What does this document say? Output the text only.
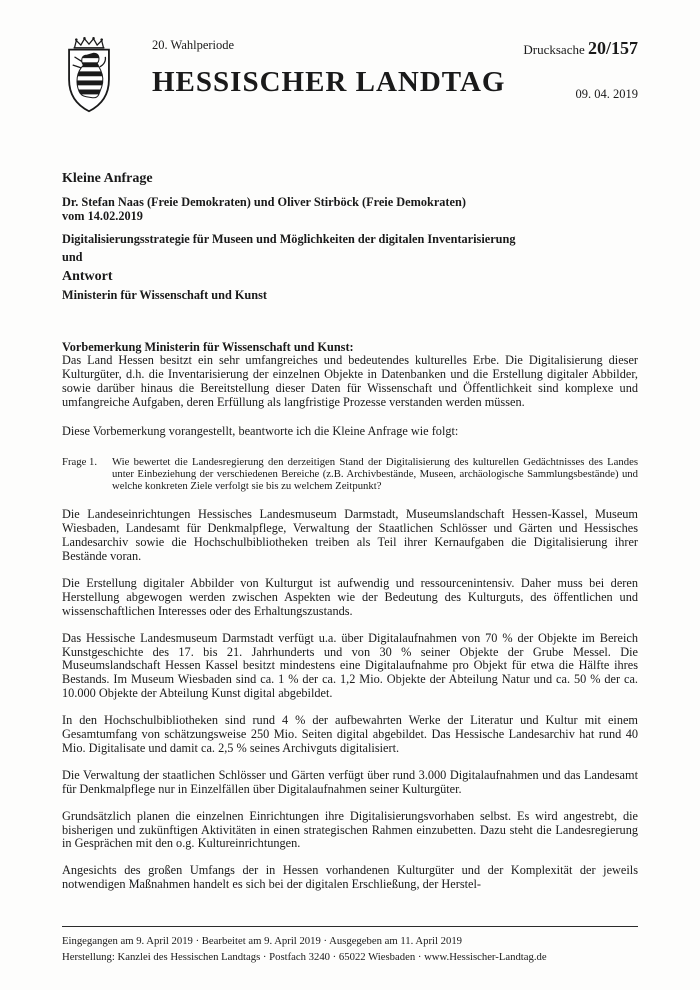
20. Wahlperiode
HESSISCHER LANDTAG
Drucksache 20/157
09. 04. 2019

Kleine Anfrage

Dr. Stefan Naas (Freie Demokraten) und Oliver Stirböck (Freie Demokraten)

vom 14.02.2019

Digitalisierungsstrategie für Museen und Möglichkeiten der digitalen Inventarisierung

und

Antwort

Ministerin für Wissenschaft und Kunst

Vorbemerkung Ministerin für Wissenschaft und Kunst:

Das Land Hessen besitzt ein sehr umfangreiches und bedeutendes kulturelles Erbe. Die Digitalisierung dieser Kulturgüter, d.h. die Inventarisierung der einzelnen Objekte in Datenbanken und die Erstellung digitaler Abbilder, sowie darüber hinaus die Bereitstellung dieser Daten für Wissenschaft und Öffentlichkeit sind komplexe und umfangreiche Aufgaben, deren Erfüllung als langfristige Prozesse verstanden werden müssen.

Diese Vorbemerkung vorangestellt, beantworte ich die Kleine Anfrage wie folgt:

Frage 1.	Wie bewertet die Landesregierung den derzeitigen Stand der Digitalisierung des kulturellen Gedächtnisses des Landes unter Einbeziehung der verschiedenen Bereiche (z.B. Archivbestände, Museen, archäologische Sammlungsbestände) und welche konkreten Ziele verfolgt sie bis zu welchem Zeitpunkt?

Die Landeseinrichtungen Hessisches Landesmuseum Darmstadt, Museumslandschaft Hessen-Kassel, Museum Wiesbaden, Landesamt für Denkmalpflege, Verwaltung der Staatlichen Schlösser und Gärten und Hessisches Landesarchiv sowie die Hochschulbibliotheken treiben als Teil ihrer Kernaufgaben die Digitalisierung ihrer Bestände voran.

Die Erstellung digitaler Abbilder von Kulturgut ist aufwendig und ressourcenintensiv. Daher muss bei deren Herstellung abgewogen werden zwischen Aspekten wie der Bedeutung des Kulturguts, des öffentlichen und wissenschaftlichen Interesses oder des Erhaltungszustands.

Das Hessische Landesmuseum Darmstadt verfügt u.a. über Digitalaufnahmen von 70 % der Objekte im Bereich Kunstgeschichte des 17. bis 21. Jahrhunderts und von 30 % seiner Objekte der Grube Messel. Die Museumslandschaft Hessen Kassel besitzt mindestens eine Digitalaufnahme pro Objekt für etwa die Hälfte ihres Bestands. Im Museum Wiesbaden sind ca. 1 % der ca. 1,2 Mio. Objekte der Abteilung Natur und ca. 50 % der ca. 10.000 Objekte der Abteilung Kunst digital abgebildet.

In den Hochschulbibliotheken sind rund 4 % der aufbewahrten Werke der Literatur und Kultur mit einem Gesamtumfang von schätzungsweise 250 Mio. Seiten digital abgebildet. Das Hessische Landesarchiv hat rund 40 Mio. Digitalisate und damit ca. 2,5 % seines Archivguts digitalisiert.

Die Verwaltung der staatlichen Schlösser und Gärten verfügt über rund 3.000 Digitalaufnahmen und das Landesamt für Denkmalpflege nur in Einzelfällen über Digitalaufnahmen seiner Kulturgüter.

Grundsätzlich planen die einzelnen Einrichtungen ihre Digitalisierungsvorhaben selbst. Es wird angestrebt, die bisherigen und zukünftigen Aktivitäten in einen strategischen Rahmen einzubetten. Dazu steht die Landesregierung in Gesprächen mit den o.g. Kultureinrichtungen.

Angesichts des großen Umfangs der in Hessen vorhandenen Kulturgüter und der Komplexität der jeweils notwendigen Maßnahmen handelt es sich bei der digitalen Erschließung, der Herstel-

Eingegangen am 9. April 2019 · Bearbeitet am 9. April 2019 · Ausgegeben am 11. April 2019
Herstellung: Kanzlei des Hessischen Landtags · Postfach 3240 · 65022 Wiesbaden · www.Hessischer-Landtag.de
